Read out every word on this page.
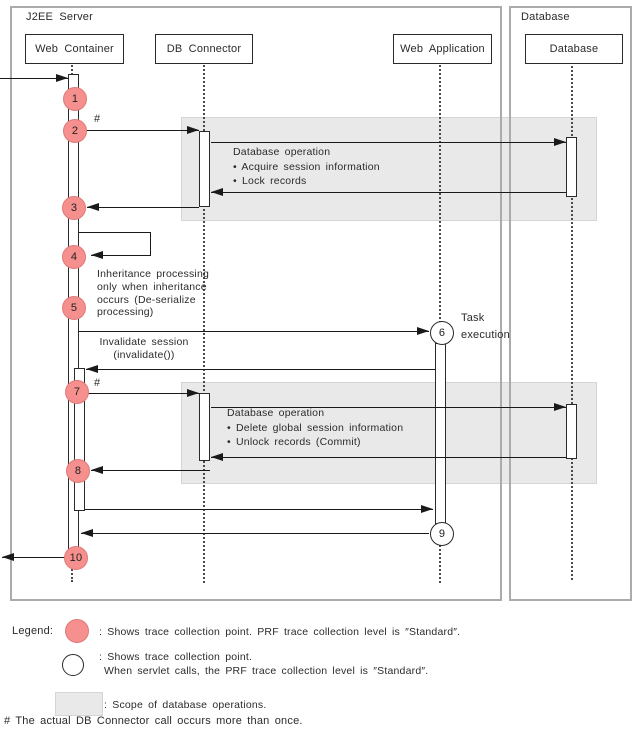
J2EE Server	Database
Web Container	DB Connector	Web Application	Database
1
2
3
4
5
6
7
8
9
10
#
#
Database operation
• Acquire session information
• Lock records
Inheritance processing
only when inheritance
occurs (De-serialize
processing)
Invalidate session
(invalidate())
Task
execution
Database operation
• Delete global session information
• Unlock records (Commit)
Legend:	: Shows trace collection point. PRF trace collection level is ″Standard″.
: Shows trace collection point.
When servlet calls, the PRF trace collection level is ″Standard″.
: Scope of database operations.
# The actual DB Connector call occurs more than once.
